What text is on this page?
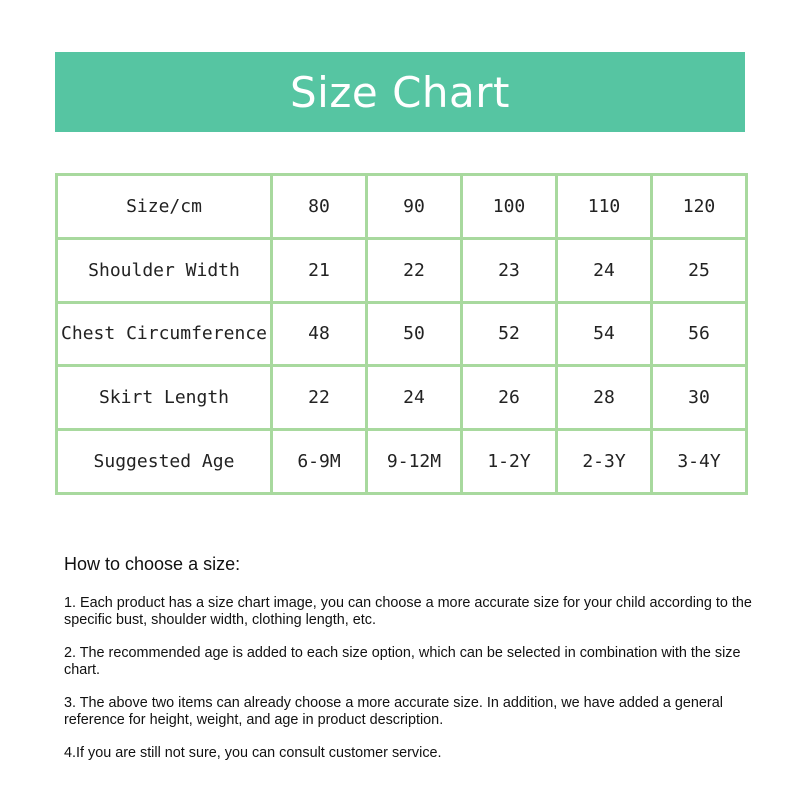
Size Chart
Size/cm	80	90	100	110	120
Shoulder Width	21	22	23	24	25
Chest Circumference	48	50	52	54	56
Skirt Length	22	24	26	28	30
Suggested Age	6-9M	9-12M	1-2Y	2-3Y	3-4Y

How to choose a size:

1. Each product has a size chart image, you can choose a more accurate size for your child according to the specific bust, shoulder width, clothing length, etc.

2. The recommended age is added to each size option, which can be selected in combination with the size chart.

3. The above two items can already choose a more accurate size. In addition, we have added a general reference for height, weight, and age in product description.

4.If you are still not sure, you can consult customer service.
